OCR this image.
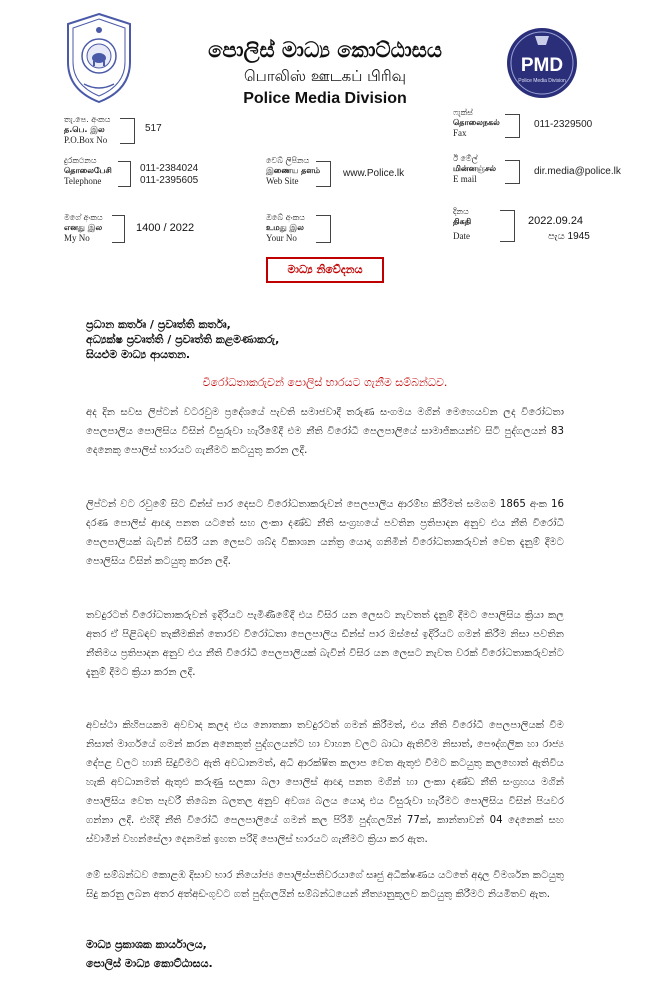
පොලිස් මාධ්‍ය කොට්ඨාසය
பொலிஸ் ஊடகப் பிரிவு
Police Media Division
PMD
Police Media Division
තැ.පෙ. අංකය
த.பெ. இல
P.O.Box No
517
ෆැක්ස්
தொலைநகல்
Fax
011-2329500
දුරකථනය
தொலைபேசி
Telephone
011-2384024
011-2395605
වෙබ් ලිපිනය
இணைய தளம்
Web Site
www.Police.lk
ඊ මේල්
மின்னஞ்சல்
E mail
dir.media@police.lk
මගේ අංකය
எனது இல
My No
1400 / 2022
ඔබේ අංකය
உமது இல
Your No
දිනය
திகதி
Date
2022.09.24
පැය 1945
මාධ්‍ය නිවේදනය
ප්‍රධාන කර්තෘ / ප්‍රවෘත්ති කර්තෘ,
අධ්‍යක්ෂ ප්‍රවෘත්ති / ප්‍රවෘත්ති කළමණාකරු,
සියළුම මාධ්‍ය ආයතන.
විරෝධතාකරුවන් පොලිස් භාරයට ගැනීම සම්බන්ධව.
අද දින සවස ලිප්ටන් වටරවුම ප්‍රදේශයේ පැවති සමාජවාදී තරුණ සංගමය මගින් මෙහෙයවන ලද විරෝධතා පෙලපාලිය පොලිසිය විසින් විසුරුවා හැරීමේදී එම නීති විරෝධී පෙලපාලියේ සාමාජිකයන්ව සිටි පුද්ගලයන් 83 දෙනෙකු පොලිස් භාරයට ගැනීමට කටයුතු කරන ලදී.
ලිප්ටන් වට රවුමේ සිට ඩීන්ස් පාර දෙසට විරෝධතාකරුවන් පෙලපාලිය ආරම්භ කිරීමත් සමගම 1865 අංක 16 දරණ පොලිස් ආඥා පනත යටතේ සහ ලංකා දණ්ඩ නීති සංග්‍රහයේ පවතින ප්‍රතිපාදන අනුව එය නීති විරෝධී පෙලපාලියක් බැවින් විසිරී යන ලෙසට ශබ්ද විකාශන යන්ත්‍ර යොදා ගනිමින් විරෝධතාකරුවන් වෙත දැනුම් දීමට පොලිසිය විසින් කටයුතු කරන ලදී.
තවදුරටත් විරෝධතාකරුවන් ඉදිරියට පැමිණීමේදී එය විසිර යන ලෙසට නැවතත් දැනුම් දීමට පොලිසිය ක්‍රියා කල අතර ඒ පිළිබඳව තැකීමකින් තොරව විරෝධතා පෙලපාලිය ඩීන්ස් පාර ඔස්සේ ඉදිරියට ගමන් කිරීම නිසා පවතින නීතිමය ප්‍රතිපාදන අනුව එය නීති විරෝධී පෙලපාලියක් බැවින් විසිර යන ලෙසට නැවත වරක් විරෝධතාකරුවන්ට දැනුම් දීමට ක්‍රියා කරන ලදී.
අවස්ථා කිහිපයකම අවවාද කලද එය නොතකා තවදුරටත් ගමන් කිරීමත්, එය නීති විරෝධී පෙලපාලියක් වීම නිසාත් මාර්ගයේ ගමන් කරන අනෙකුත් පුද්ගලයන්ට හා වාහන වලට බාධා ඇතිවීම නිසාත්, පෞද්ගලික හා රාජ්‍ය දේපළ වලට හානි සිදුවීමට ඇති අවධානමත්, අධි ආරක්ෂිත කලාප වෙත ඇතුළු වීමට කටයුතු කලහොත් ඇතිවිය හැකි අවධානමත් ඇතුළු කරුණු සලකා බලා පොලිස් ආඥා පනත මගින් හා ලංකා දණ්ඩ නීති සංග්‍රහය මගින් පොලිසිය වෙත පැවරී තිබෙන බලතල අනුව අවශ්‍ය බලය යොදා එය විසුරුවා හැරීමට පොලිසිය විසින් පියවර ගන්නා ලදී. එහිදී නීති විරෝධී පෙලපාලියේ ගමන් කල පිරිමි පුද්ගලයින් 77ක්, කාන්තාවන් 04 දෙනෙක් සහ ස්වාමීන් වහන්සේලා දෙනමක් ඉහත පරිදි පොලිස් භාරයට ගැනීමට ක්‍රියා කර ඇත.
මේ සම්බන්ධව කොළඹ දිසාව භාර නියෝජ්‍ය පොලිස්පතිවරයාගේ සෘජු අධීක්ෂණය යටතේ අදාල විමර්ශන කටයුතු සිදු කරනු ලබන අතර අත්අඩංගුවට ගත් පුද්ගලයින් සම්බන්ධයෙන් නීත්‍යානුකූලව කටයුතු කිරීමට නියමිතව ඇත.
මාධ්‍ය ප්‍රකාශක කාර්යාලය,
පොලිස් මාධ්‍ය කොට්ඨාසය.
